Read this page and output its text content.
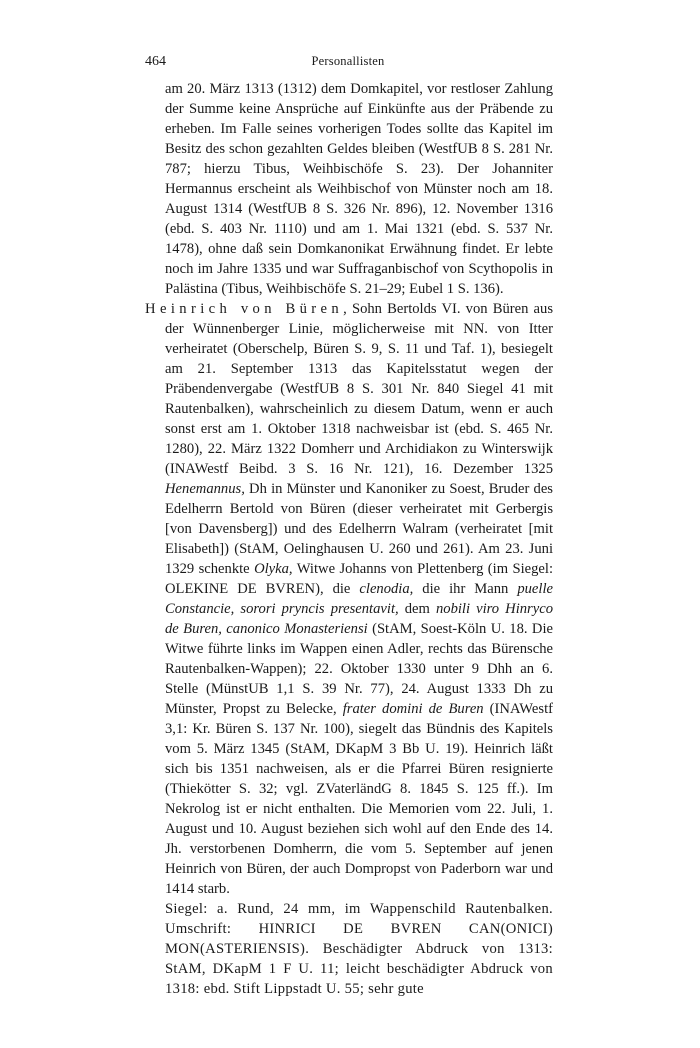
464	Personallisten

am 20. März 1313 (1312) dem Domkapitel, vor restloser Zahlung der Summe keine Ansprüche auf Einkünfte aus der Präbende zu erheben. Im Falle seines vorherigen Todes sollte das Kapitel im Besitz des schon gezahlten Geldes bleiben (WestfUB 8 S. 281 Nr. 787; hierzu Tibus, Weihbischöfe S. 23). Der Johanniter Hermannus erscheint als Weihbischof von Münster noch am 18. August 1314 (WestfUB 8 S. 326 Nr. 896), 12. November 1316 (ebd. S. 403 Nr. 1110) und am 1. Mai 1321 (ebd. S. 537 Nr. 1478), ohne daß sein Domkanonikat Erwähnung findet. Er lebte noch im Jahre 1335 und war Suffraganbischof von Scythopolis in Palästina (Tibus, Weihbischöfe S. 21–29; Eubel 1 S. 136).

Heinrich von Büren, Sohn Bertolds VI. von Büren aus der Wünnenberger Linie, möglicherweise mit NN. von Itter verheiratet (Oberschelp, Büren S. 9, S. 11 und Taf. 1), besiegelt am 21. September 1313 das Kapitelsstatut wegen der Präbendenvergabe (WestfUB 8 S. 301 Nr. 840 Siegel 41 mit Rautenbalken), wahrscheinlich zu diesem Datum, wenn er auch sonst erst am 1. Oktober 1318 nachweisbar ist (ebd. S. 465 Nr. 1280), 22. März 1322 Domherr und Archidiakon zu Winterswijk (INAWestf Beibd. 3 S. 16 Nr. 121), 16. Dezember 1325 Henemannus, Dh in Münster und Kanoniker zu Soest, Bruder des Edelherrn Bertold von Büren (dieser verheiratet mit Gerbergis [von Davensberg]) und des Edelherrn Walram (verheiratet [mit Elisabeth]) (StAM, Oelinghausen U. 260 und 261). Am 23. Juni 1329 schenkte Olyka, Witwe Johanns von Plettenberg (im Siegel: OLEKINE DE BVREN), die clenodia, die ihr Mann puelle Constancie, sorori pryncis presentavit, dem nobili viro Hinryco de Buren, canonico Monasteriensi (StAM, Soest-Köln U. 18. Die Witwe führte links im Wappen einen Adler, rechts das Bürensche Rautenbalken-Wappen); 22. Oktober 1330 unter 9 Dhh an 6. Stelle (MünstUB 1,1 S. 39 Nr. 77), 24. August 1333 Dh zu Münster, Propst zu Belecke, frater domini de Buren (INAWestf 3,1: Kr. Büren S. 137 Nr. 100), siegelt das Bündnis des Kapitels vom 5. März 1345 (StAM, DKapM 3 Bb U. 19). Heinrich läßt sich bis 1351 nachweisen, als er die Pfarrei Büren resignierte (Thiekötter S. 32; vgl. ZVaterländG 8. 1845 S. 125 ff.). Im Nekrolog ist er nicht enthalten. Die Memorien vom 22. Juli, 1. August und 10. August beziehen sich wohl auf den Ende des 14. Jh. verstorbenen Domherrn, die vom 5. September auf jenen Heinrich von Büren, der auch Dompropst von Paderborn war und 1414 starb.

Siegel: a. Rund, 24 mm, im Wappenschild Rautenbalken. Umschrift: HINRICI DE BVREN CAN(ONICI) MON(ASTERIENSIS). Beschädigter Abdruck von 1313: StAM, DKapM 1 F U. 11; leicht beschädigter Abdruck von 1318: ebd. Stift Lippstadt U. 55; sehr gute
